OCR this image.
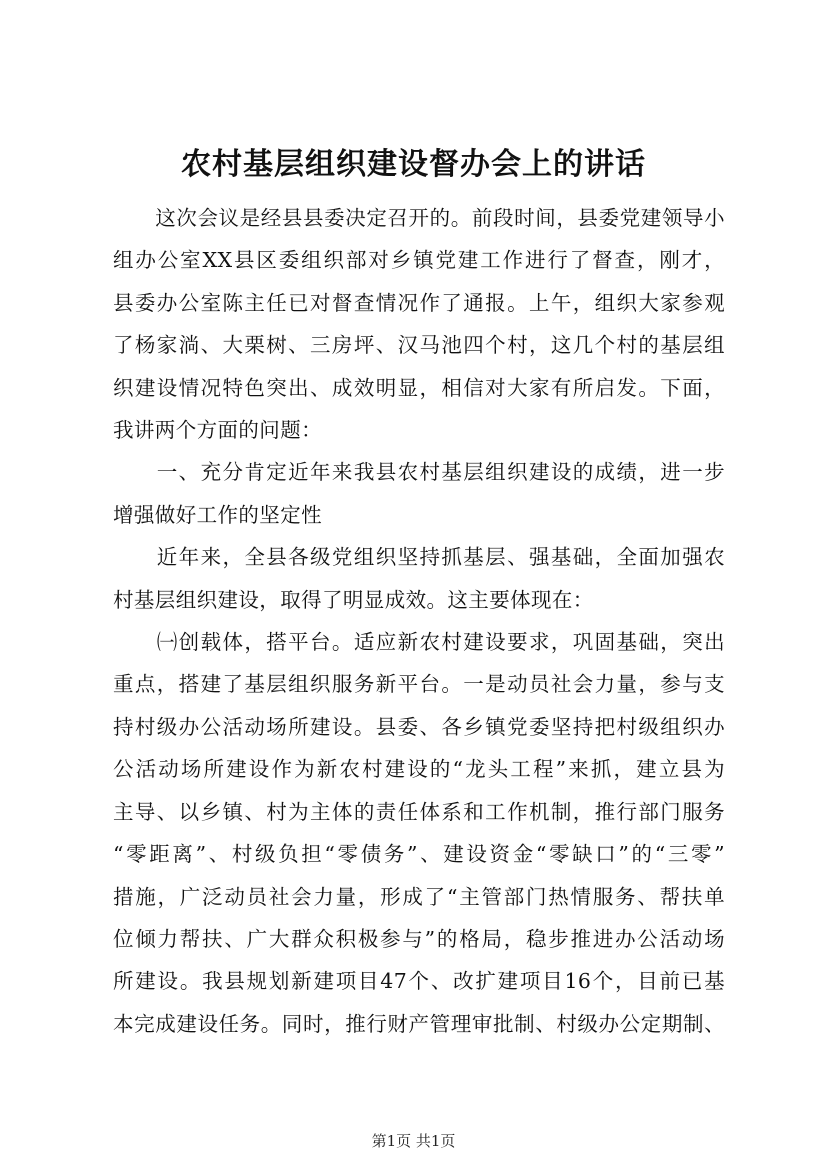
农村基层组织建设督办会上的讲话

　　这次会议是经县县委决定召开的。前段时间，县委党建领导小
组办公室XX县区委组织部对乡镇党建工作进行了督查，刚才，
县委办公室陈主任已对督查情况作了通报。上午，组织大家参观
了杨家淌、大栗树、三房坪、汉马池四个村，这几个村的基层组
织建设情况特色突出、成效明显，相信对大家有所启发。下面，
我讲两个方面的问题：
　　一、充分肯定近年来我县农村基层组织建设的成绩，进一步
增强做好工作的坚定性
　　近年来，全县各级党组织坚持抓基层、强基础，全面加强农
村基层组织建设，取得了明显成效。这主要体现在：
　　㈠创载体，搭平台。适应新农村建设要求，巩固基础，突出
重点，搭建了基层组织服务新平台。一是动员社会力量，参与支
持村级办公活动场所建设。县委、各乡镇党委坚持把村级组织办
公活动场所建设作为新农村建设的“龙头工程”来抓，建立县为
主导、以乡镇、村为主体的责任体系和工作机制，推行部门服务
“零距离”、村级负担“零债务”、建设资金“零缺口”的“三零”
措施，广泛动员社会力量，形成了“主管部门热情服务、帮扶单
位倾力帮扶、广大群众积极参与”的格局，稳步推进办公活动场
所建设。我县规划新建项目47个、改扩建项目16个，目前已基
本完成建设任务。同时，推行财产管理审批制、村级办公定期制、

第1页 共1页
